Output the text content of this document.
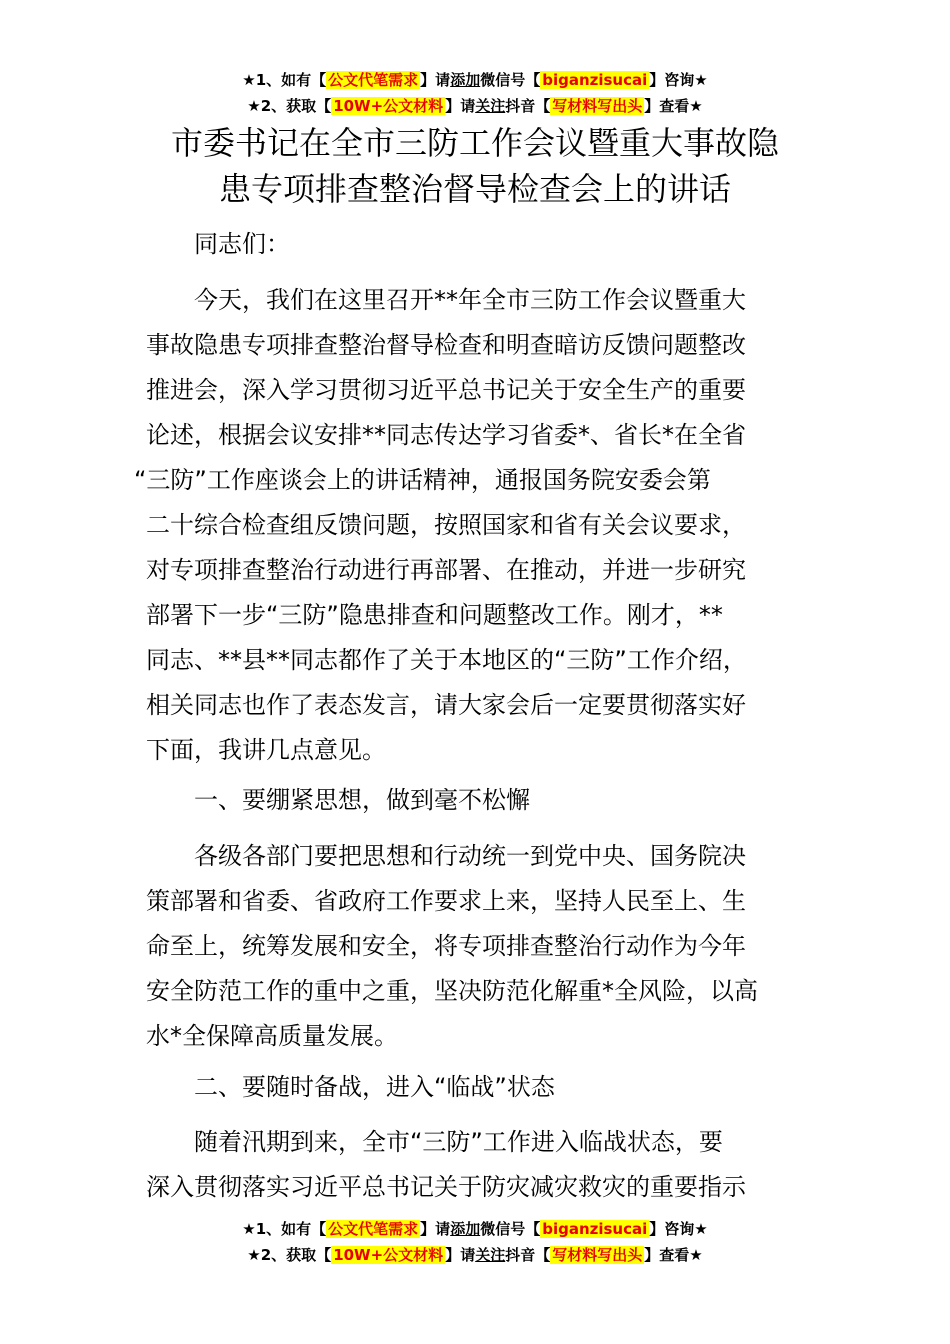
★1、如有【 公文代笔需求 】请添加微信号【 biganzisucai 】咨询★
★2、获取【 10W+公文材料 】请关注抖音【 写材料写出头 】查看★
市委书记在全市三防工作会议暨重大事故隐
患专项排查整治督导检查会上的讲话

同志们：

今天，我们在这里召开**年全市三防工作会议暨重大
事故隐患专项排查整治督导检查和明查暗访反馈问题整改
推进会，深入学习贯彻习近平总书记关于安全生产的重要
论述，根据会议安排**同志传达学习省委*、省长*在全省
“三防”工作座谈会上的讲话精神，通报国务院安委会第
二十综合检查组反馈问题，按照国家和省有关会议要求，
对专项排查整治行动进行再部署、在推动，并进一步研究
部署下一步“三防”隐患排查和问题整改工作。刚才，**
同志、**县**同志都作了关于本地区的“三防”工作介绍，
相关同志也作了表态发言，请大家会后一定要贯彻落实好
下面，我讲几点意见。

一、要绷紧思想，做到毫不松懈

各级各部门要把思想和行动统一到党中央、国务院决
策部署和省委、省政府工作要求上来，坚持人民至上、生
命至上，统筹发展和安全，将专项排查整治行动作为今年
安全防范工作的重中之重，坚决防范化解重*全风险，以高
水*全保障高质量发展。

二、要随时备战，进入“临战”状态

随着汛期到来，全市“三防”工作进入临战状态，要
深入贯彻落实习近平总书记关于防灾减灾救灾的重要指示

★1、如有【 公文代笔需求 】请添加微信号【 biganzisucai 】咨询★
★2、获取【 10W+公文材料 】请关注抖音【 写材料写出头 】查看★
